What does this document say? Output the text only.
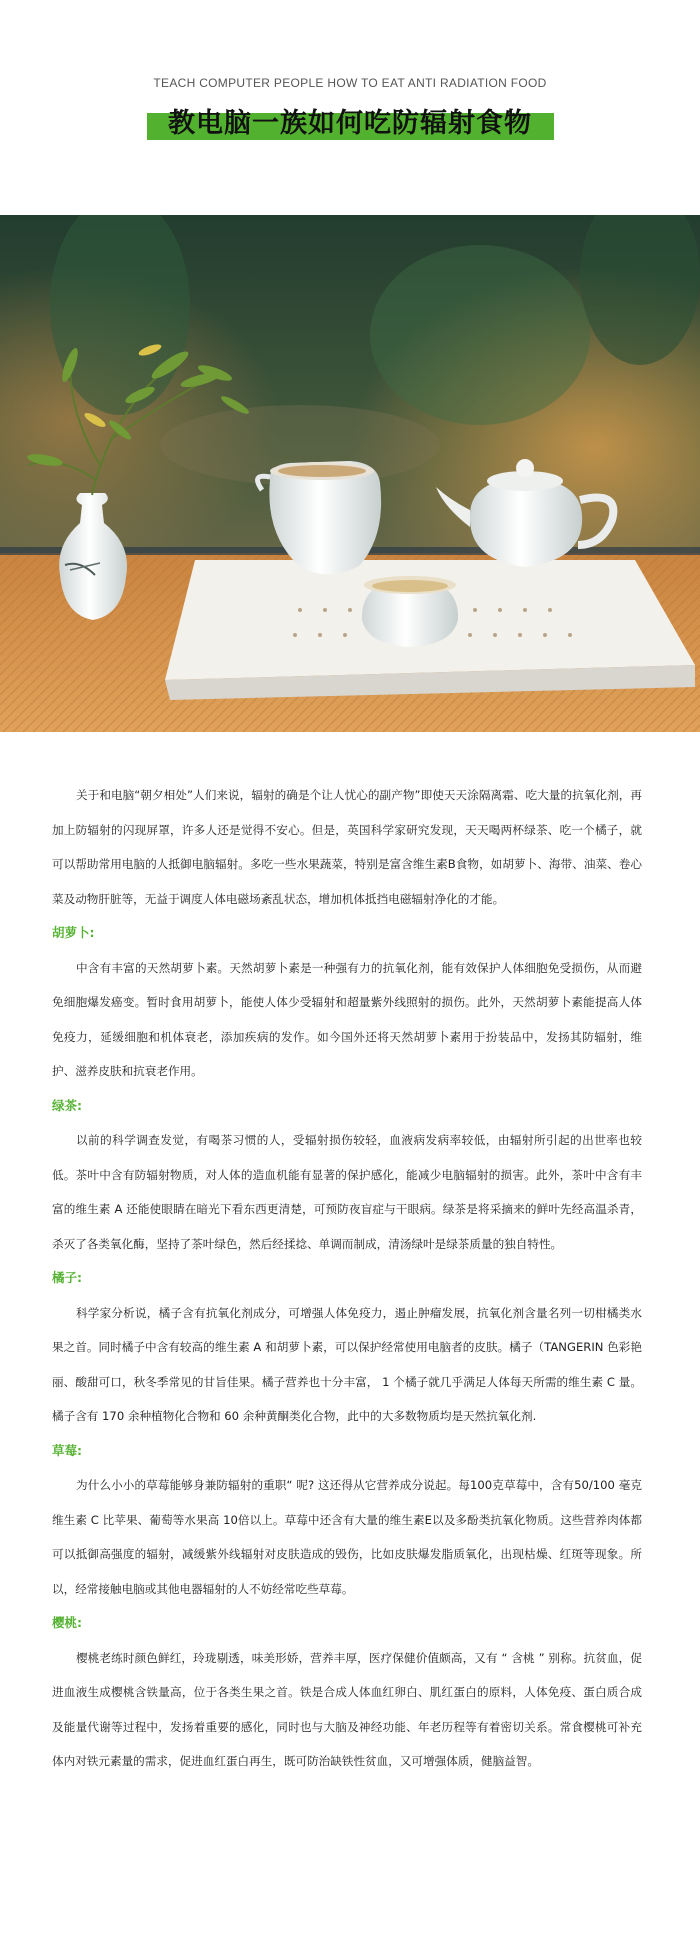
TEACH COMPUTER PEOPLE HOW TO EAT ANTI RADIATION FOOD
教电脑一族如何吃防辐射食物

关于和电脑“朝夕相处”人们来说，辐射的确是个让人忧心的副产物”即使天天涂隔离霜、吃大量的抗氧化剂，再加上防辐射的闪现屏罩，许多人还是觉得不安心。但是，英国科学家研究发现，天天喝两杯绿茶、吃一个橘子，就可以帮助常用电脑的人抵御电脑辐射。多吃一些水果蔬菜，特别是富含维生素B食物，如胡萝卜、海带、油菜、卷心菜及动物肝脏等，无益于调度人体电磁场紊乱状态，增加机体抵挡电磁辐射净化的才能。

胡萝卜:

中含有丰富的天然胡萝卜素。天然胡萝卜素是一种强有力的抗氧化剂，能有效保护人体细胞免受损伤，从而避免细胞爆发癌变。暂时食用胡萝卜，能使人体少受辐射和超量紫外线照射的损伤。此外，天然胡萝卜素能提高人体免疫力，延缓细胞和机体衰老，添加疾病的发作。如今国外还将天然胡萝卜素用于扮装品中，发扬其防辐射，维护、滋养皮肤和抗衰老作用。

绿茶:

以前的科学调查发觉，有喝茶习惯的人，受辐射损伤较轻，血液病发病率较低，由辐射所引起的出世率也较低。茶叶中含有防辐射物质，对人体的造血机能有显著的保护感化，能减少电脑辐射的损害。此外，茶叶中含有丰富的维生素 A 还能使眼睛在暗光下看东西更清楚，可预防夜盲症与干眼病。绿茶是将采摘来的鲜叶先经高温杀青，杀灭了各类氧化酶，坚持了茶叶绿色，然后经揉捻、单调而制成，清汤绿叶是绿茶质量的独自特性。

橘子:

科学家分析说，橘子含有抗氧化剂成分，可增强人体免疫力，遏止肿瘤发展，抗氧化剂含量名列一切柑橘类水果之首。同时橘子中含有较高的维生素 A 和胡萝卜素，可以保护经常使用电脑者的皮肤。橘子（TANGERIN 色彩艳丽、酸甜可口，秋冬季常见的甘旨佳果。橘子营养也十分丰富， 1 个橘子就几乎满足人体每天所需的维生素 C 量。橘子含有 170 余种植物化合物和 60 余种黄酮类化合物，此中的大多数物质均是天然抗氧化剂.

草莓:

为什么小小的草莓能够身兼防辐射的重职“ 呢? 这还得从它营养成分说起。每100克草莓中，含有50/100 毫克维生素 C 比苹果、葡萄等水果高 10倍以上。草莓中还含有大量的维生素E以及多酚类抗氧化物质。这些营养肉体都可以抵御高强度的辐射，减缓紫外线辐射对皮肤造成的毁伤，比如皮肤爆发脂质氧化，出现枯燥、红斑等现象。所以，经常接触电脑或其他电器辐射的人不妨经常吃些草莓。

樱桃:

樱桃老练时颜色鲜红，玲珑剔透，味美形娇，营养丰厚，医疗保健价值颇高，又有 “ 含桃 ” 别称。抗贫血，促进血液生成樱桃含铁量高，位于各类生果之首。铁是合成人体血红卵白、肌红蛋白的原料，人体免疫、蛋白质合成及能量代谢等过程中，发扬着重要的感化，同时也与大脑及神经功能、年老历程等有着密切关系。常食樱桃可补充体内对铁元素量的需求，促进血红蛋白再生，既可防治缺铁性贫血，又可增强体质，健脑益智。
